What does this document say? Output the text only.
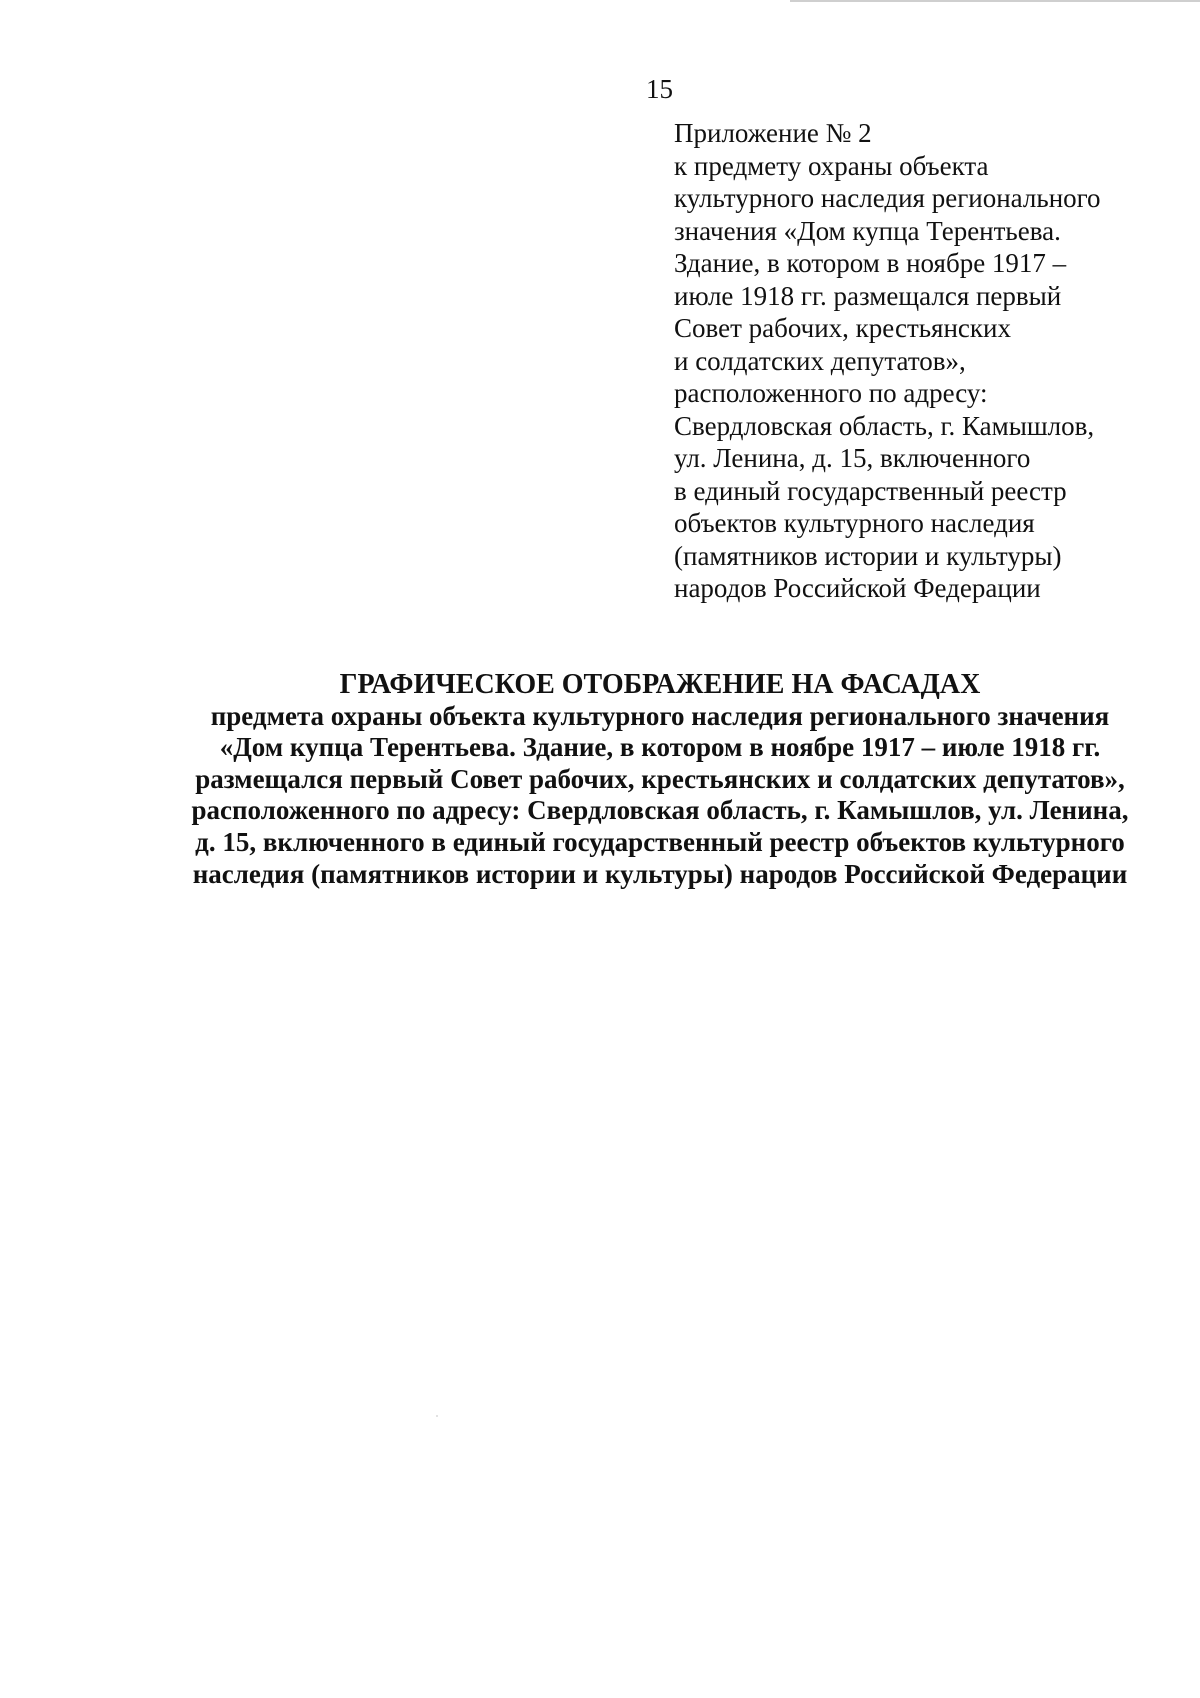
15
Приложение № 2
к предмету охраны объекта
культурного наследия регионального
значения «Дом купца Терентьева.
Здание, в котором в ноябре 1917 –
июле 1918 гг. размещался первый
Совет рабочих, крестьянских
и солдатских депутатов»,
расположенного по адресу:
Свердловская область, г. Камышлов,
ул. Ленина, д. 15, включенного
в единый государственный реестр
объектов культурного наследия
(памятников истории и культуры)
народов Российской Федерации
ГРАФИЧЕСКОЕ ОТОБРАЖЕНИЕ НА ФАСАДАХ
предмета охраны объекта культурного наследия регионального значения
«Дом купца Терентьева. Здание, в котором в ноябре 1917 – июле 1918 гг.
размещался первый Совет рабочих, крестьянских и солдатских депутатов»,
расположенного по адресу: Свердловская область, г. Камышлов, ул. Ленина,
д. 15, включенного в единый государственный реестр объектов культурного
наследия (памятников истории и культуры) народов Российской Федерации
